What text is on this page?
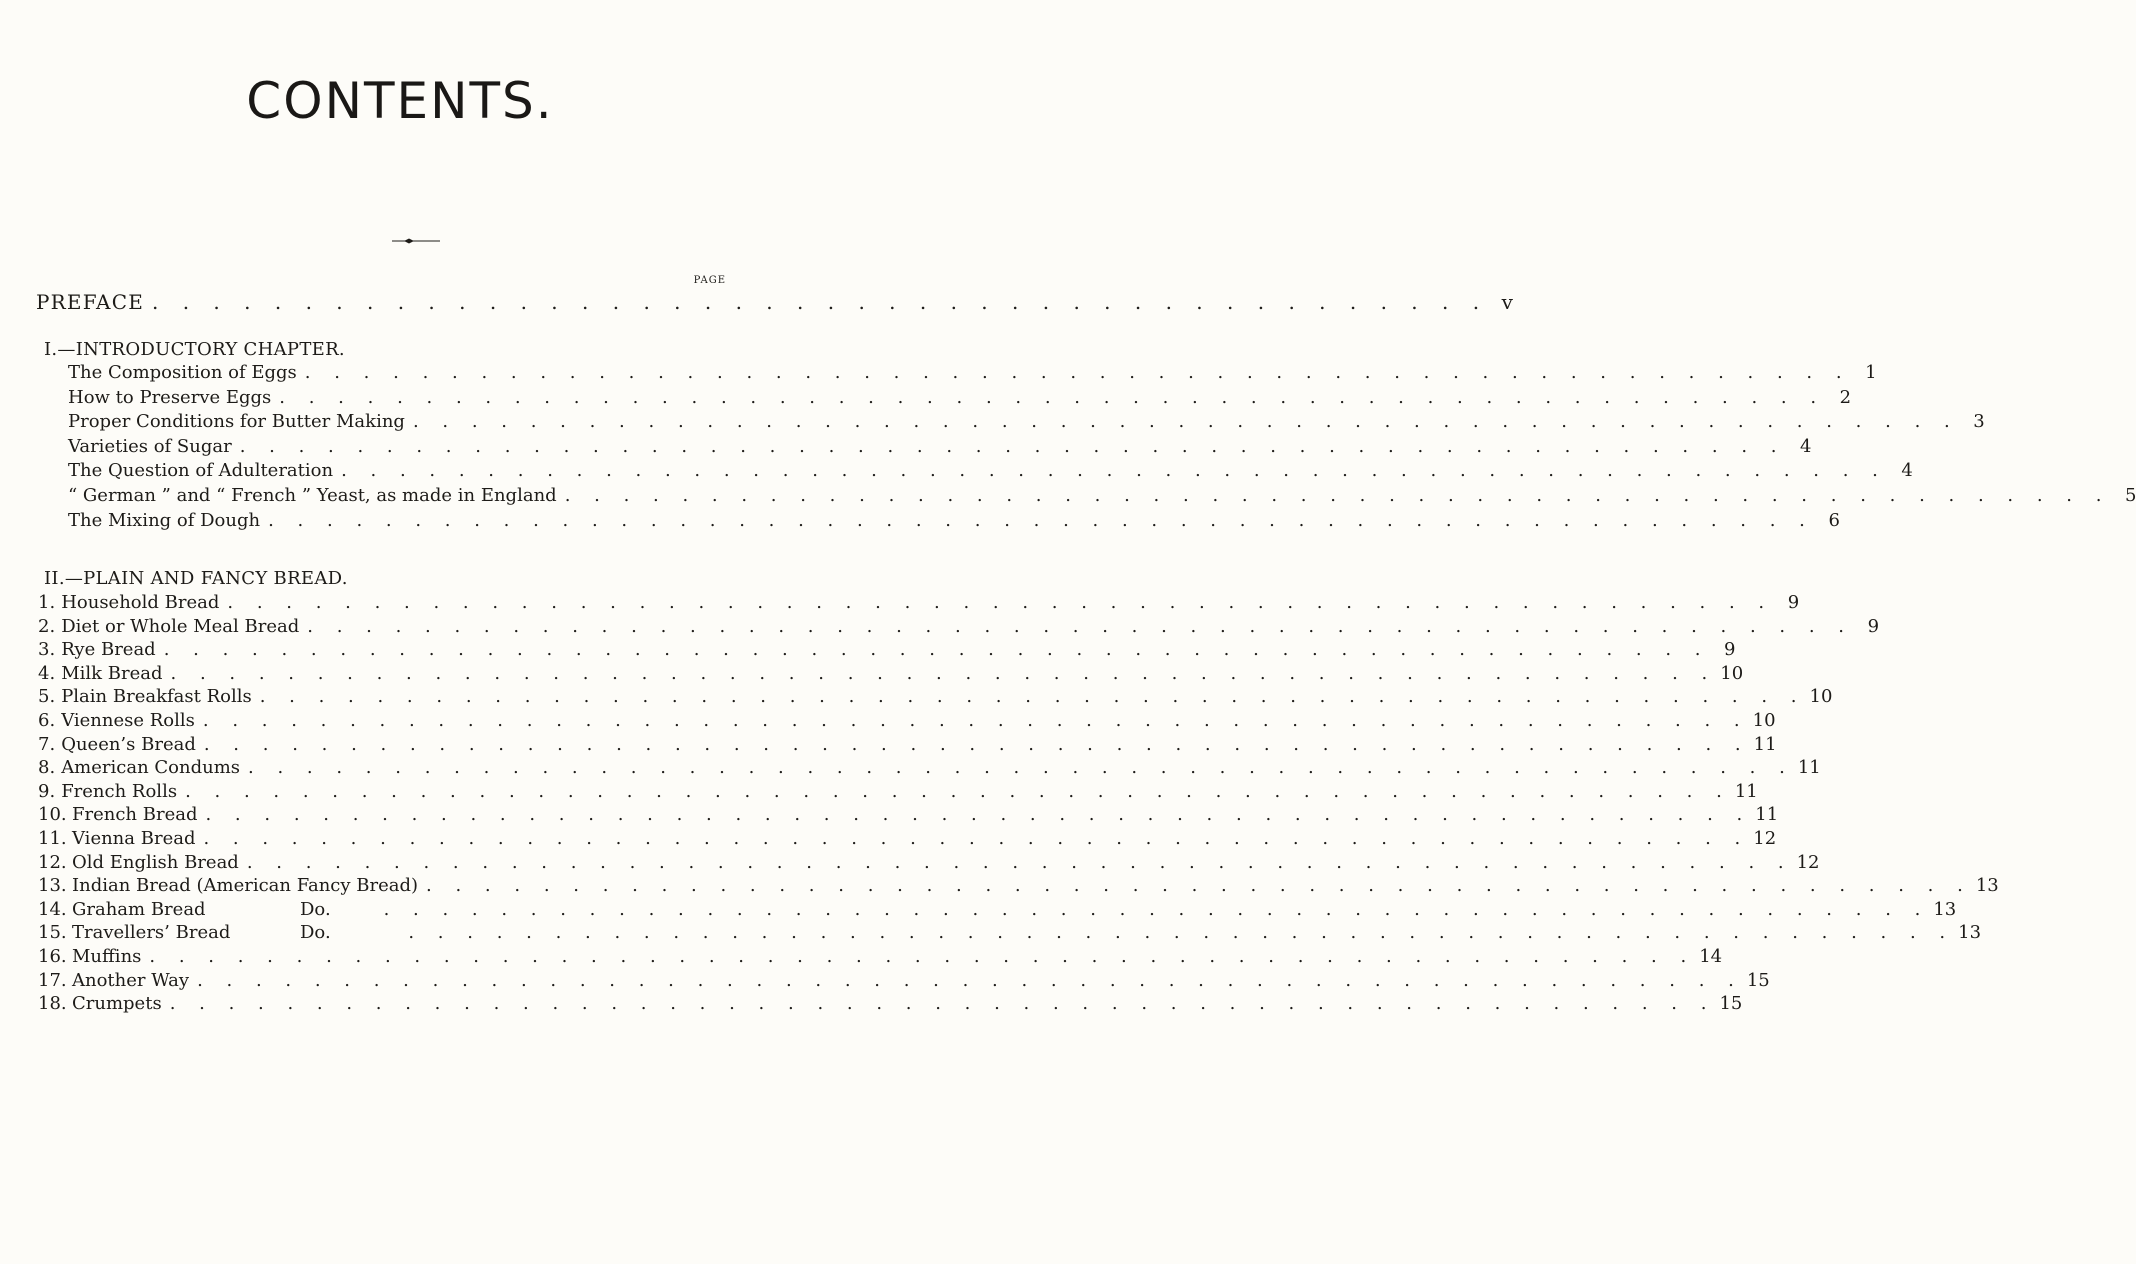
CONTENTS.
PAGE
PREFACE . . . . . . . . . . . . . . . . . . . . . . . . . . . . . . . . . . . . . . . . . . . . v
I.—INTRODUCTORY CHAPTER.
The Composition of Eggs . . . . . . . . . . . . . . . . . . . . . . . . . . . . . . . . . . . . . . . . . . . . . . . . . . . . . 1
How to Preserve Eggs . . . . . . . . . . . . . . . . . . . . . . . . . . . . . . . . . . . . . . . . . . . . . . . . . . . . . 2
Proper Conditions for Butter Making . . . . . . . . . . . . . . . . . . . . . . . . . . . . . . . . . . . . . . . . . . . . . . . . . . . . . 3
Varieties of Sugar . . . . . . . . . . . . . . . . . . . . . . . . . . . . . . . . . . . . . . . . . . . . . . . . . . . . . 4
The Question of Adulteration . . . . . . . . . . . . . . . . . . . . . . . . . . . . . . . . . . . . . . . . . . . . . . . . . . . . . 4
“ German ” and “ French ” Yeast, as made in England . . . . . . . . . . . . . . . . . . . . . . . . . . . . . . . . . . . . . . . . . . . . . . . . . . . . . 5
The Mixing of Dough . . . . . . . . . . . . . . . . . . . . . . . . . . . . . . . . . . . . . . . . . . . . . . . . . . . . . 6
II.—PLAIN AND FANCY BREAD.
1. Household Bread . . . . . . . . . . . . . . . . . . . . . . . . . . . . . . . . . . . . . . . . . . . . . . . . . . . . . 9
2. Diet or Whole Meal Bread . . . . . . . . . . . . . . . . . . . . . . . . . . . . . . . . . . . . . . . . . . . . . . . . . . . . . 9
3. Rye Bread . . . . . . . . . . . . . . . . . . . . . . . . . . . . . . . . . . . . . . . . . . . . . . . . . . . . . 9
4. Milk Bread . . . . . . . . . . . . . . . . . . . . . . . . . . . . . . . . . . . . . . . . . . . . . . . . . . . . . 10
5. Plain Breakfast Rolls . . . . . . . . . . . . . . . . . . . . . . . . . . . . . . . . . . . . . . . . . . . . . . . . . . . . . 10
6. Viennese Rolls . . . . . . . . . . . . . . . . . . . . . . . . . . . . . . . . . . . . . . . . . . . . . . . . . . . . . 10
7. Queen’s Bread . . . . . . . . . . . . . . . . . . . . . . . . . . . . . . . . . . . . . . . . . . . . . . . . . . . . . 11
8. American Condums . . . . . . . . . . . . . . . . . . . . . . . . . . . . . . . . . . . . . . . . . . . . . . . . . . . . . 11
9. French Rolls . . . . . . . . . . . . . . . . . . . . . . . . . . . . . . . . . . . . . . . . . . . . . . . . . . . . . 11
10. French Bread . . . . . . . . . . . . . . . . . . . . . . . . . . . . . . . . . . . . . . . . . . . . . . . . . . . . . 11
11. Vienna Bread . . . . . . . . . . . . . . . . . . . . . . . . . . . . . . . . . . . . . . . . . . . . . . . . . . . . . 12
12. Old English Bread . . . . . . . . . . . . . . . . . . . . . . . . . . . . . . . . . . . . . . . . . . . . . . . . . . . . . 12
13. Indian Bread (American Fancy Bread) . . . . . . . . . . . . . . . . . . . . . . . . . . . . . . . . . . . . . . . . . . . . . . . . . . . . . 13
14. Graham Bread	Do.	. . . . . . . . . . . . . . . . . . . . . . . . . . . . . . . . . . . . . . . . . . . . . . . . . . . . . 13
15. Travellers’ Bread	Do.	. . . . . . . . . . . . . . . . . . . . . . . . . . . . . . . . . . . . . . . . . . . . . . . . . . . . . 13
16. Muffins . . . . . . . . . . . . . . . . . . . . . . . . . . . . . . . . . . . . . . . . . . . . . . . . . . . . . 14
17. Another Way . . . . . . . . . . . . . . . . . . . . . . . . . . . . . . . . . . . . . . . . . . . . . . . . . . . . . 15
18. Crumpets . . . . . . . . . . . . . . . . . . . . . . . . . . . . . . . . . . . . . . . . . . . . . . . . . . . . . 15
